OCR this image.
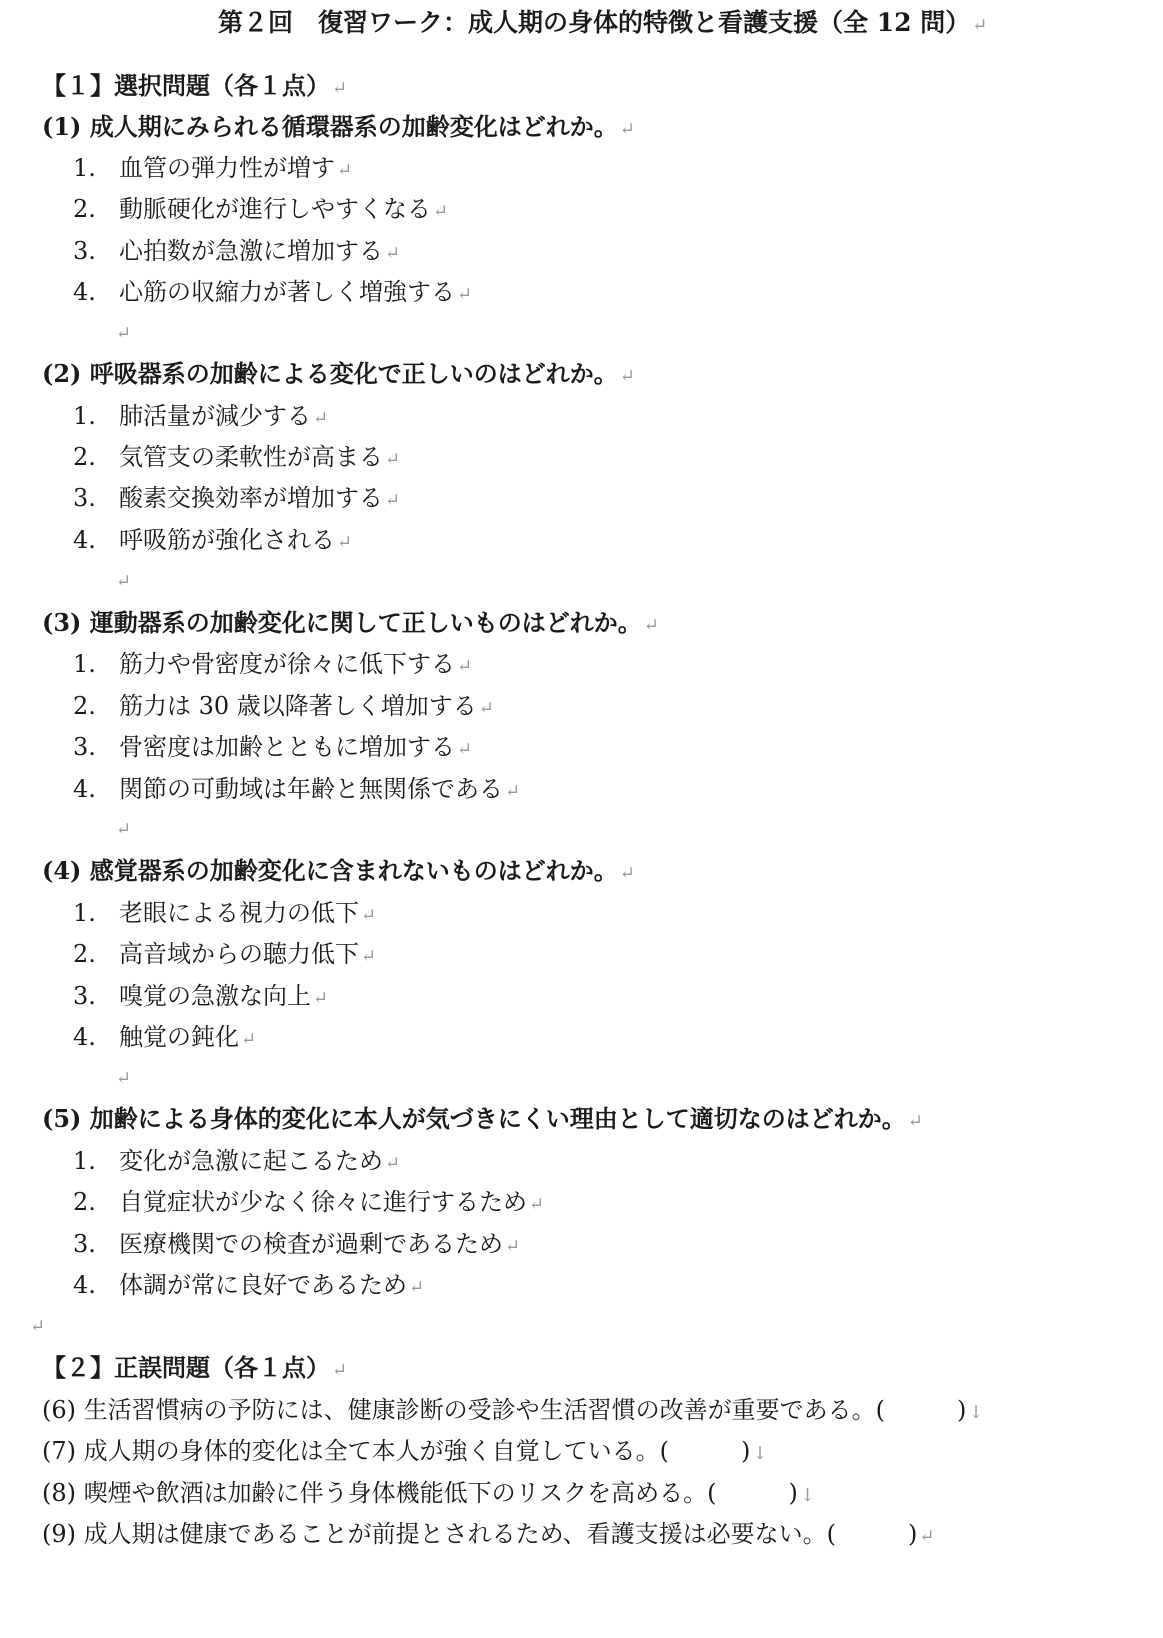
第２回　復習ワーク：成人期の身体的特徴と看護支援（全 12 問） ↵
【１】選択問題（各１点） ↵
(1) 成人期にみられる循環器系の加齢変化はどれか。 ↵
1. 血管の弾力性が増す ↵
2. 動脈硬化が進行しやすくなる ↵
3. 心拍数が急激に増加する ↵
4. 心筋の収縮力が著しく増強する ↵
↵
(2) 呼吸器系の加齢による変化で正しいのはどれか。 ↵
1. 肺活量が減少する ↵
2. 気管支の柔軟性が高まる ↵
3. 酸素交換効率が増加する ↵
4. 呼吸筋が強化される ↵
↵
(3) 運動器系の加齢変化に関して正しいものはどれか。 ↵
1. 筋力や骨密度が徐々に低下する ↵
2. 筋力は 30 歳以降著しく増加する ↵
3. 骨密度は加齢とともに増加する ↵
4. 関節の可動域は年齢と無関係である ↵
↵
(4) 感覚器系の加齢変化に含まれないものはどれか。 ↵
1. 老眼による視力の低下 ↵
2. 高音域からの聴力低下 ↵
3. 嗅覚の急激な向上 ↵
4. 触覚の鈍化 ↵
↵
(5) 加齢による身体的変化に本人が気づきにくい理由として適切なのはどれか。 ↵
1. 変化が急激に起こるため ↵
2. 自覚症状が少なく徐々に進行するため ↵
3. 医療機関での検査が過剰であるため ↵
4. 体調が常に良好であるため ↵
↵
【２】正誤問題（各１点） ↵
(6) 生活習慣病の予防には、健康診断の受診や生活習慣の改善が重要である。(　　　) ↓
(7) 成人期の身体的変化は全て本人が強く自覚している。(　　　) ↓
(8) 喫煙や飲酒は加齢に伴う身体機能低下のリスクを高める。(　　　) ↓
(9) 成人期は健康であることが前提とされるため、看護支援は必要ない。(　　　) ↵
